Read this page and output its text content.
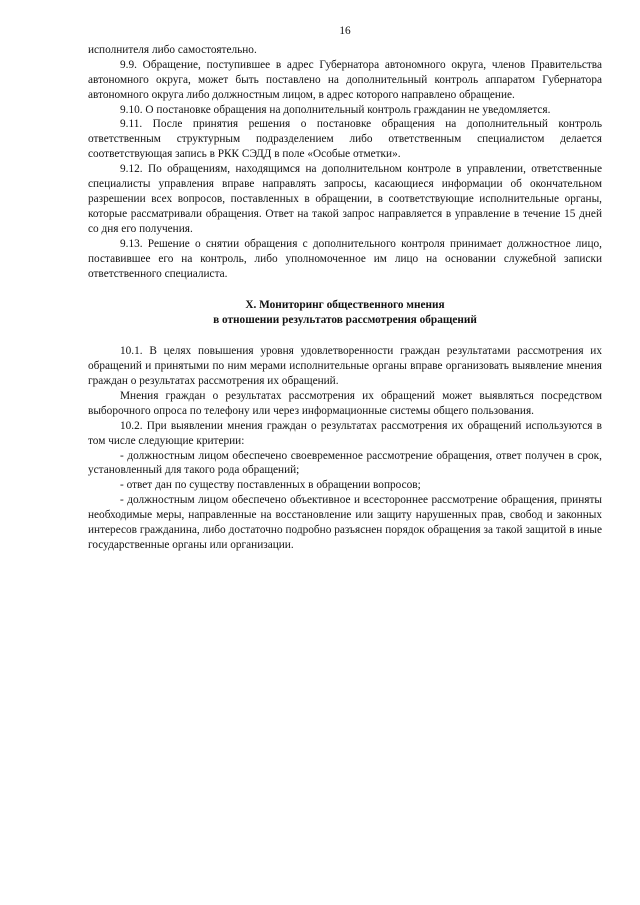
16

исполнителя либо самостоятельно.

9.9. Обращение, поступившее в адрес Губернатора автономного округа, членов Правительства автономного округа, может быть поставлено на дополнительный контроль аппаратом Губернатора автономного округа либо должностным лицом, в адрес которого направлено обращение.

9.10. О постановке обращения на дополнительный контроль гражданин не уведомляется.

9.11. После принятия решения о постановке обращения на дополнительный контроль ответственным структурным подразделением либо ответственным специалистом делается соответствующая запись в РКК СЭДД в поле «Особые отметки».

9.12. По обращениям, находящимся на дополнительном контроле в управлении, ответственные специалисты управления вправе направлять запросы, касающиеся информации об окончательном разрешении всех вопросов, поставленных в обращении, в соответствующие исполнительные органы, которые рассматривали обращения. Ответ на такой запрос направляется в управление в течение 15 дней со дня его получения.

9.13. Решение о снятии обращения с дополнительного контроля принимает должностное лицо, поставившее его на контроль, либо уполномоченное им лицо на основании служебной записки ответственного специалиста.

X. Мониторинг общественного мнения
в отношении результатов рассмотрения обращений

10.1. В целях повышения уровня удовлетворенности граждан результатами рассмотрения их обращений и принятыми по ним мерами исполнительные органы вправе организовать выявление мнения граждан о результатах рассмотрения их обращений.

Мнения граждан о результатах рассмотрения их обращений может выявляться посредством выборочного опроса по телефону или через информационные системы общего пользования.

10.2. При выявлении мнения граждан о результатах рассмотрения их обращений используются в том числе следующие критерии:

- должностным лицом обеспечено своевременное рассмотрение обращения, ответ получен в срок, установленный для такого рода обращений;

- ответ дан по существу поставленных в обращении вопросов;

- должностным лицом обеспечено объективное и всестороннее рассмотрение обращения, приняты необходимые меры, направленные на восстановление или защиту нарушенных прав, свобод и законных интересов гражданина, либо достаточно подробно разъяснен порядок обращения за такой защитой в иные государственные органы или организации.
